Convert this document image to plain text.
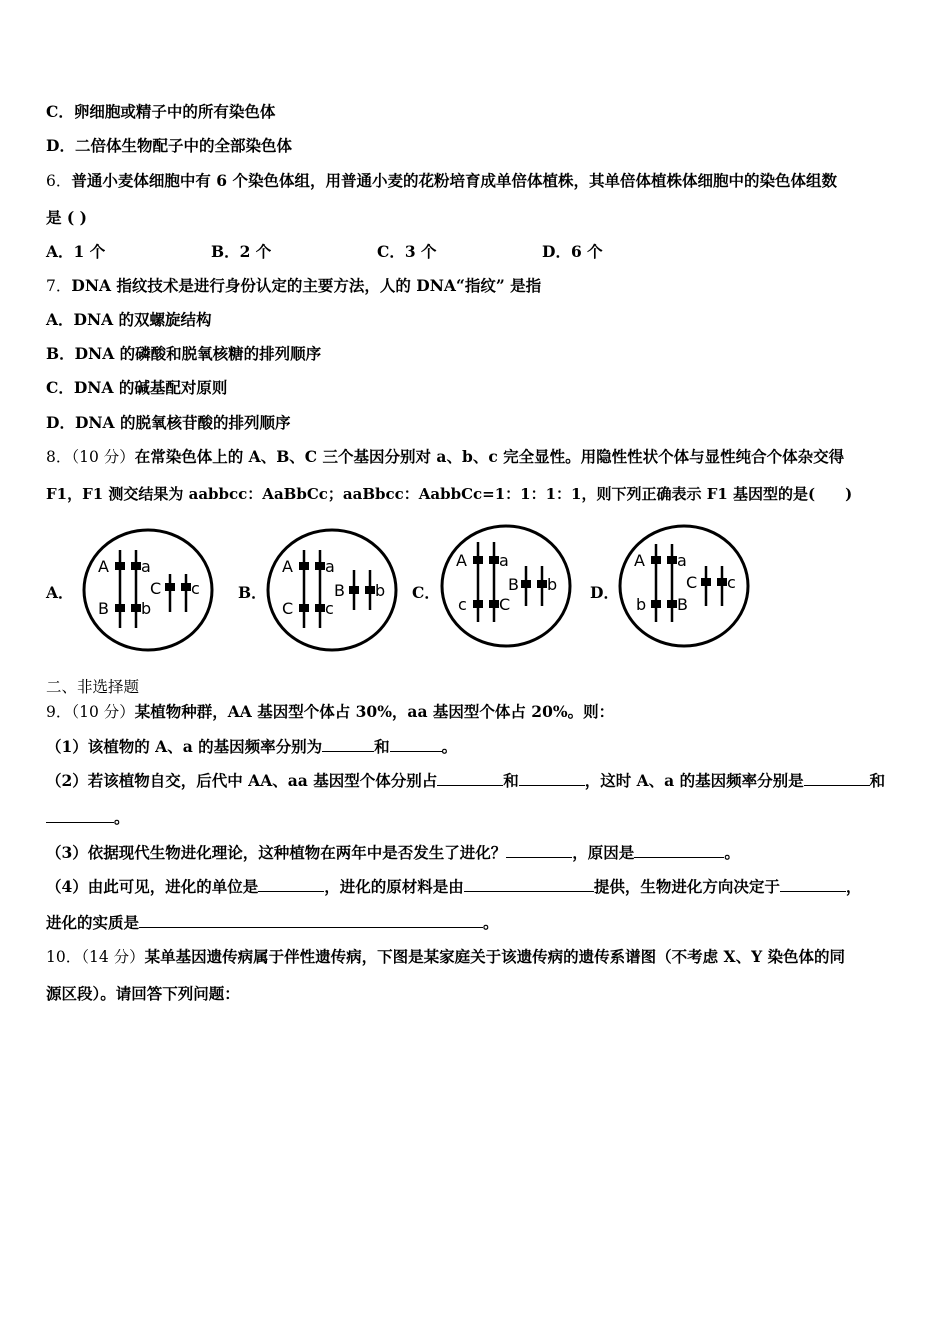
C．卵细胞或精子中的所有染色体
D．二倍体生物配子中的全部染色体
6．普通小麦体细胞中有 6 个染色体组，用普通小麦的花粉培育成单倍体植株，其单倍体植株体细胞中的染色体组数
是 ( )
A．1 个	B．2 个	C．3 个	D．6 个
7．DNA 指纹技术是进行身份认定的主要方法，人的 DNA“指纹” 是指
A．DNA 的双螺旋结构
B．DNA 的磷酸和脱氧核糖的排列顺序
C．DNA 的碱基配对原则
D．DNA 的脱氧核苷酸的排列顺序
8．（10 分）在常染色体上的 A、B、C 三个基因分别对 a、b、c 完全显性。用隐性性状个体与显性纯合个体杂交得
F1，F1 测交结果为 aabbcc：AaBbCc；aaBbcc：AabbCc=1：1：1：1，则下列正确表示 F1 基因型的是(　　)
A．
A a
B b
C c B．
A a
C c
B b C．
A a
c C
B b D．
A a
b B
C c
二、非选择题
9．（10 分）某植物种群，AA 基因型个体占 30%，aa 基因型个体占 20%。则：
（1）该植物的 A、a 的基因频率分别为	和	。
（2）若该植物自交，后代中 AA、aa 基因型个体分别占	和	，这时 A、a 的基因频率分别是	和
。
（3）依据现代生物进化理论，这种植物在两年中是否发生了进化？	，原因是	。
（4）由此可见，进化的单位是	，进化的原材料是由	提供，生物进化方向决定于	，
进化的实质是	。
10．（14 分）某单基因遗传病属于伴性遗传病，下图是某家庭关于该遗传病的遗传系谱图（不考虑 X、Y 染色体的同
源区段）。请回答下列问题：
